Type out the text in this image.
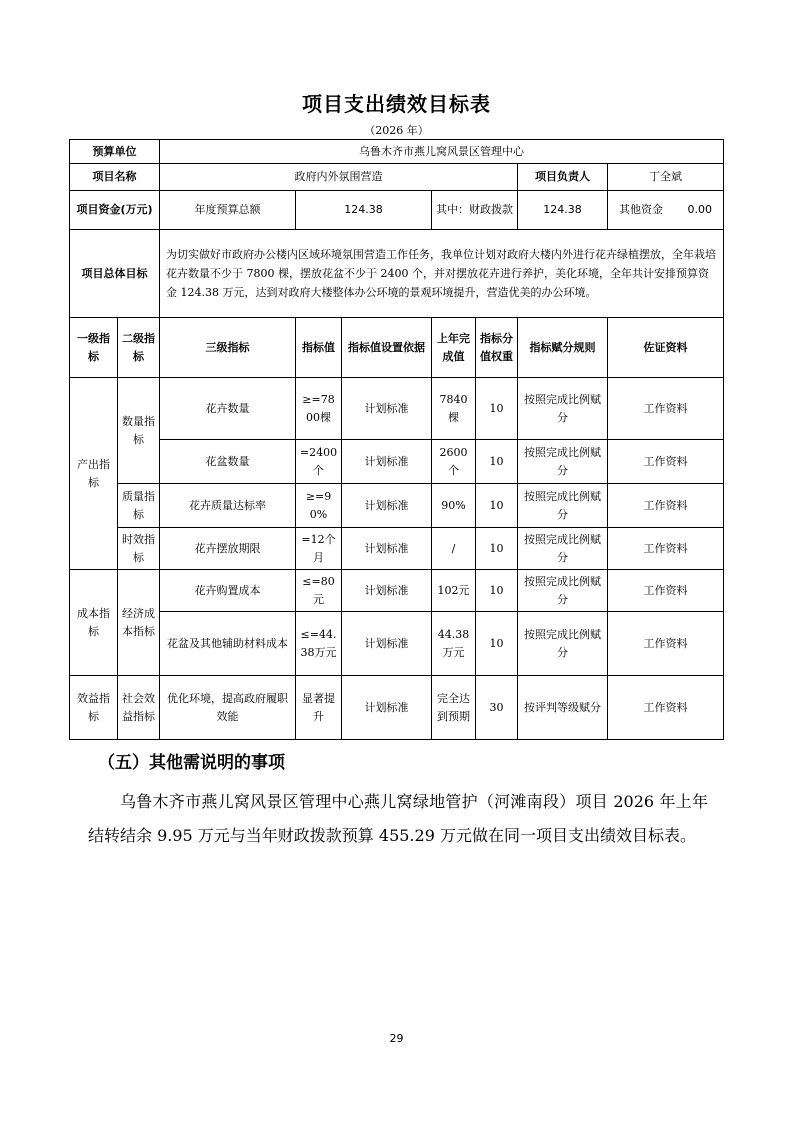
项目支出绩效目标表
（2026 年）
预算单位		乌鲁木齐市燕儿窝风景区管理中心						
项目名称		政府内外氛围营造					项目负责人	丁全斌
项目资金(万元)		年度预算总额	124.38		其中：财政拨款		124.38	其他资金 0.00
项目总体目标		为切实做好市政府办公楼内区域环境氛围营造工作任务，我单位计划对政府大楼内外进行花卉绿植摆放，全年栽培花卉数量不少于 7800 棵，摆放花盆不少于 2400 个，并对摆放花卉进行养护，美化环境，全年共计安排预算资金 124.38 万元，达到对政府大楼整体办公环境的景观环境提升，营造优美的办公环境。						
一级指标	二级指标	三级指标	指标值	指标值设置依据	上年完成值	指标分值权重	指标赋分规则	佐证资料
产出指标	数量指标	花卉数量	≥=7800棵	计划标准	7840棵	10	按照完成比例赋分	工作资料
		花盆数量	=2400个	计划标准	2600个	10	按照完成比例赋分	工作资料
	质量指标	花卉质量达标率	≥=90%	计划标准	90%	10	按照完成比例赋分	工作资料
	时效指标	花卉摆放期限	=12个月	计划标准	/	10	按照完成比例赋分	工作资料
成本指标	经济成本指标	花卉购置成本	≤=80元	计划标准	102元	10	按照完成比例赋分	工作资料
		花盆及其他辅助材料成本	≤=44.38万元	计划标准	44.38万元	10	按照完成比例赋分	工作资料
效益指标	社会效益指标	优化环境，提高政府履职效能	显著提升	计划标准	完全达到预期	30	按评判等级赋分	工作资料
（五）其他需说明的事项
乌鲁木齐市燕儿窝风景区管理中心燕儿窝绿地管护（河滩南段）项目 2026 年上年结转结余 9.95 万元与当年财政拨款预算 455.29 万元做在同一项目支出绩效目标表。
29
